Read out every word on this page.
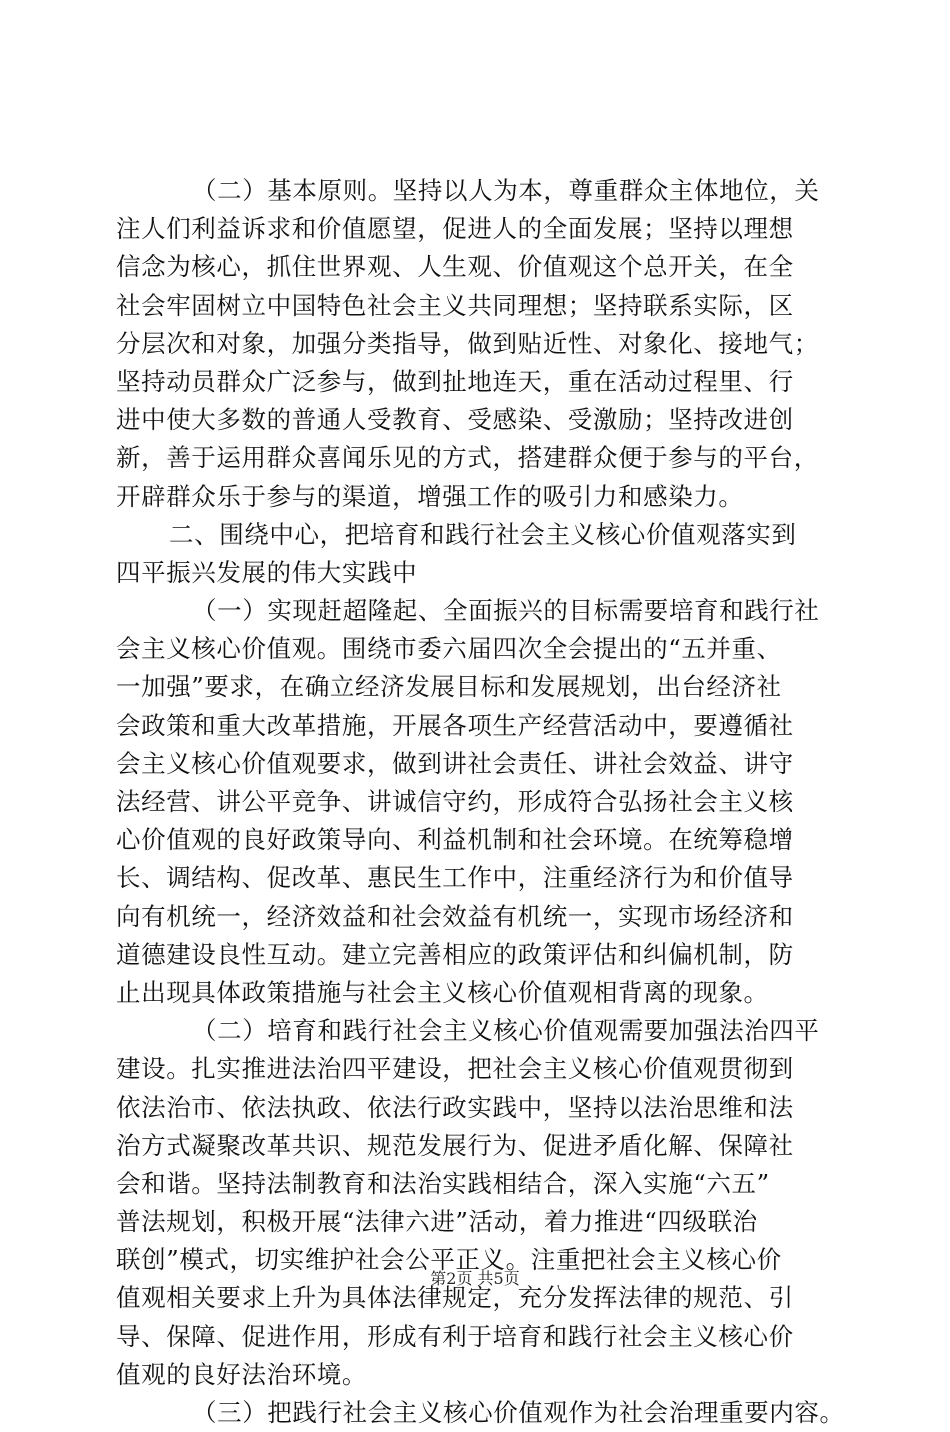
（二）基本原则。坚持以人为本，尊重群众主体地位，关
注人们利益诉求和价值愿望，促进人的全面发展；坚持以理想
信念为核心，抓住世界观、人生观、价值观这个总开关，在全
社会牢固树立中国特色社会主义共同理想；坚持联系实际，区
分层次和对象，加强分类指导，做到贴近性、对象化、接地气；
坚持动员群众广泛参与，做到扯地连天，重在活动过程里、行
进中使大多数的普通人受教育、受感染、受激励；坚持改进创
新，善于运用群众喜闻乐见的方式，搭建群众便于参与的平台，
开辟群众乐于参与的渠道，增强工作的吸引力和感染力。
二、围绕中心，把培育和践行社会主义核心价值观落实到
四平振兴发展的伟大实践中
（一）实现赶超隆起、全面振兴的目标需要培育和践行社
会主义核心价值观。围绕市委六届四次全会提出的“五并重、
一加强”要求，在确立经济发展目标和发展规划，出台经济社
会政策和重大改革措施，开展各项生产经营活动中，要遵循社
会主义核心价值观要求，做到讲社会责任、讲社会效益、讲守
法经营、讲公平竞争、讲诚信守约，形成符合弘扬社会主义核
心价值观的良好政策导向、利益机制和社会环境。在统筹稳增
长、调结构、促改革、惠民生工作中，注重经济行为和价值导
向有机统一，经济效益和社会效益有机统一，实现市场经济和
道德建设良性互动。建立完善相应的政策评估和纠偏机制，防
止出现具体政策措施与社会主义核心价值观相背离的现象。
（二）培育和践行社会主义核心价值观需要加强法治四平
建设。扎实推进法治四平建设，把社会主义核心价值观贯彻到
依法治市、依法执政、依法行政实践中，坚持以法治思维和法
治方式凝聚改革共识、规范发展行为、促进矛盾化解、保障社
会和谐。坚持法制教育和法治实践相结合，深入实施“六五”
普法规划，积极开展“法律六进”活动，着力推进“四级联治
联创”模式，切实维护社会公平正义。注重把社会主义核心价
值观相关要求上升为具体法律规定，充分发挥法律的规范、引
导、保障、促进作用，形成有利于培育和践行社会主义核心价
值观的良好法治环境。
（三）把践行社会主义核心价值观作为社会治理重要内容。
第2页 共5页
